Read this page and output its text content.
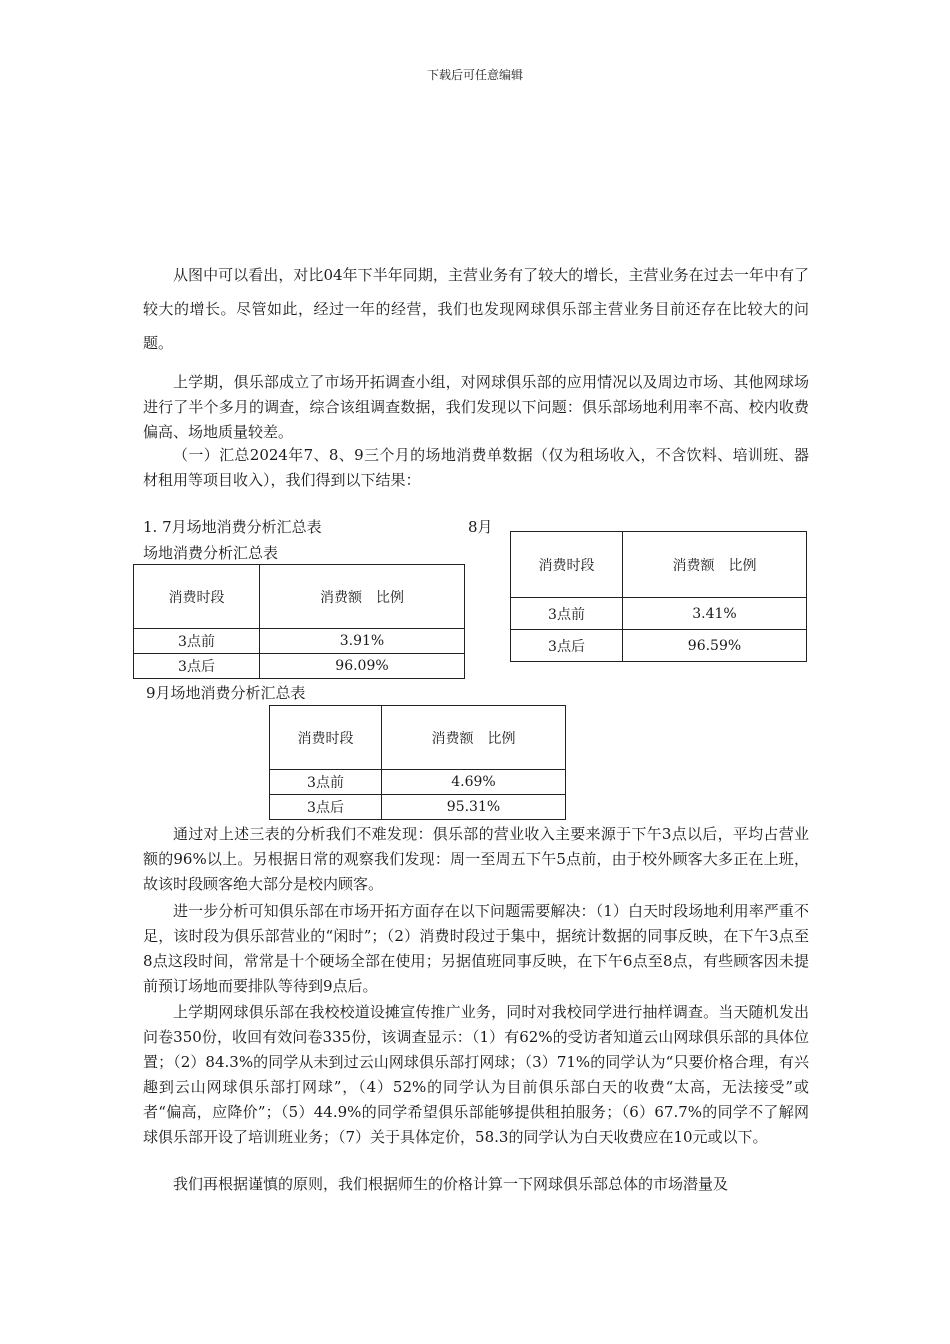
下载后可任意编辑

从图中可以看出，对比04年下半年同期，主营业务有了较大的增长，主营业务在过去一年中有了较大的增长。尽管如此，经过一年的经营，我们也发现网球俱乐部主营业务目前还存在比较大的问题。

上学期，俱乐部成立了市场开拓调查小组，对网球俱乐部的应用情况以及周边市场、其他网球场进行了半个多月的调查，综合该组调查数据，我们发现以下问题：俱乐部场地利用率不高、校内收费偏高、场地质量较差。

（一）汇总2024年7、8、9三个月的场地消费单数据（仅为租场收入，不含饮料、培训班、器材租用等项目收入），我们得到以下结果：

1. 7月场地消费分析汇总表	8月
场地消费分析汇总表
消费时段	消费额　比例
3点前	3.91%
3点后	96.09%
消费时段	消费额　比例
3点前	3.41%
3点后	96.59%
9月场地消费分析汇总表
消费时段	消费额　比例
3点前	4.69%
3点后	95.31%

通过对上述三表的分析我们不难发现：俱乐部的营业收入主要来源于下午3点以后，平均占营业额的96%以上。另根据日常的观察我们发现：周一至周五下午5点前，由于校外顾客大多正在上班，故该时段顾客绝大部分是校内顾客。

进一步分析可知俱乐部在市场开拓方面存在以下问题需要解决：（1）白天时段场地利用率严重不足，该时段为俱乐部营业的“闲时”；（2）消费时段过于集中，据统计数据的同事反映，在下午3点至8点这段时间，常常是十个硬场全部在使用；另据值班同事反映，在下午6点至8点，有些顾客因未提前预订场地而要排队等待到9点后。

上学期网球俱乐部在我校校道设摊宣传推广业务，同时对我校同学进行抽样调查。当天随机发出问卷350份，收回有效问卷335份，该调查显示：（1）有62%的受访者知道云山网球俱乐部的具体位置；（2）84.3%的同学从未到过云山网球俱乐部打网球；（3）71%的同学认为“只要价格合理，有兴趣到云山网球俱乐部打网球”，（4）52%的同学认为目前俱乐部白天的收费“太高，无法接受”或者“偏高，应降价”；（5）44.9%的同学希望俱乐部能够提供租拍服务；（6）67.7%的同学不了解网球俱乐部开设了培训班业务；（7）关于具体定价，58.3的同学认为白天收费应在10元或以下。

我们再根据谨慎的原则，我们根据师生的价格计算一下网球俱乐部总体的市场潜量及
